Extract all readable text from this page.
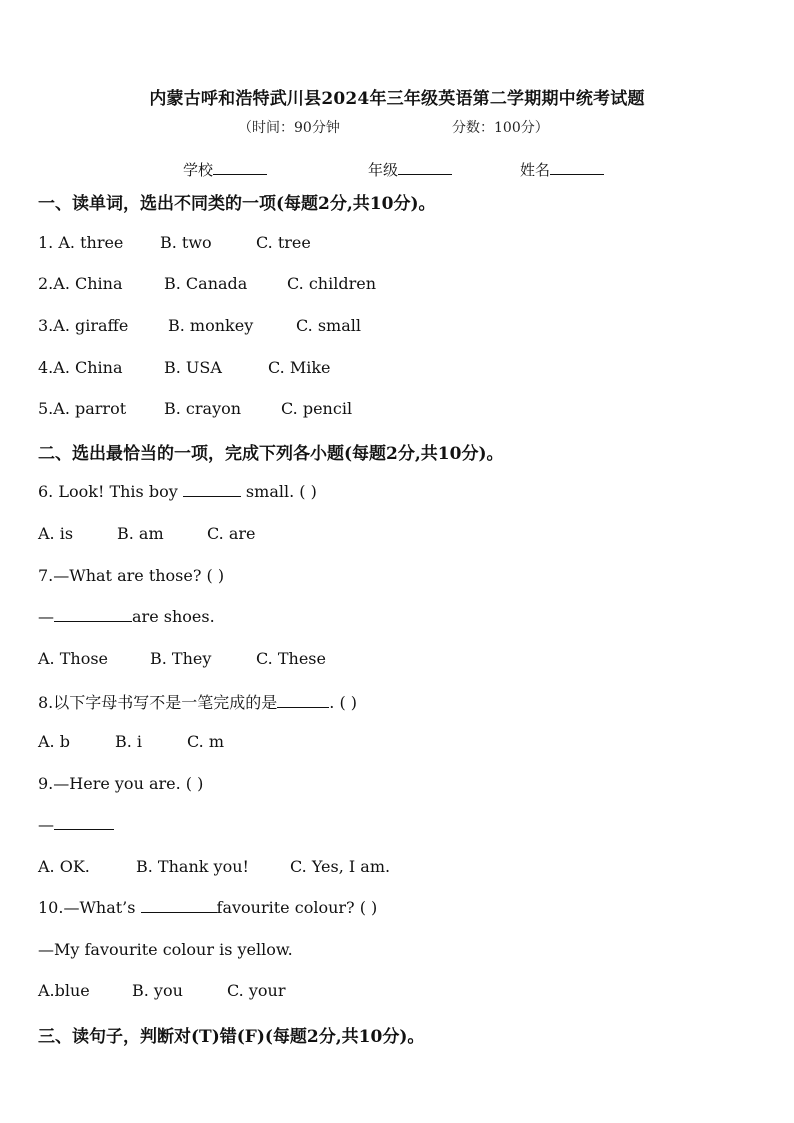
内蒙古呼和浩特武川县2024年三年级英语第二学期期中统考试题
（时间：90分钟	分数：100分）
学校	年级	姓名
一、读单词，选出不同类的一项(每题2分,共10分)。
1. A. three B. two	C. tree
2.A. China	B. Canada C. children
3.A. giraffe B. monkey	C. small
4.A. China	B. USA	C. Mike
5.A. parrot B. crayon C. pencil
二、选出最恰当的一项，完成下列各小题(每题2分,共10分)。
6. Look! This boy	small. ( )
A. is	B. am	C. are
7.—What are those? ( )
—	are shoes.
A. Those	B. They	C. These
8.以下字母书写不是一笔完成的是	. ( )
A. b	B. i	C. m
9.—Here you are. ( )
—
A. OK.	B. Thank you!	C. Yes, I am.
10.—What’s	favourite colour? ( )
—My favourite colour is yellow.
A.blue	B. you	C. your
三、读句子，判断对(T)错(F)(每题2分,共10分)。
